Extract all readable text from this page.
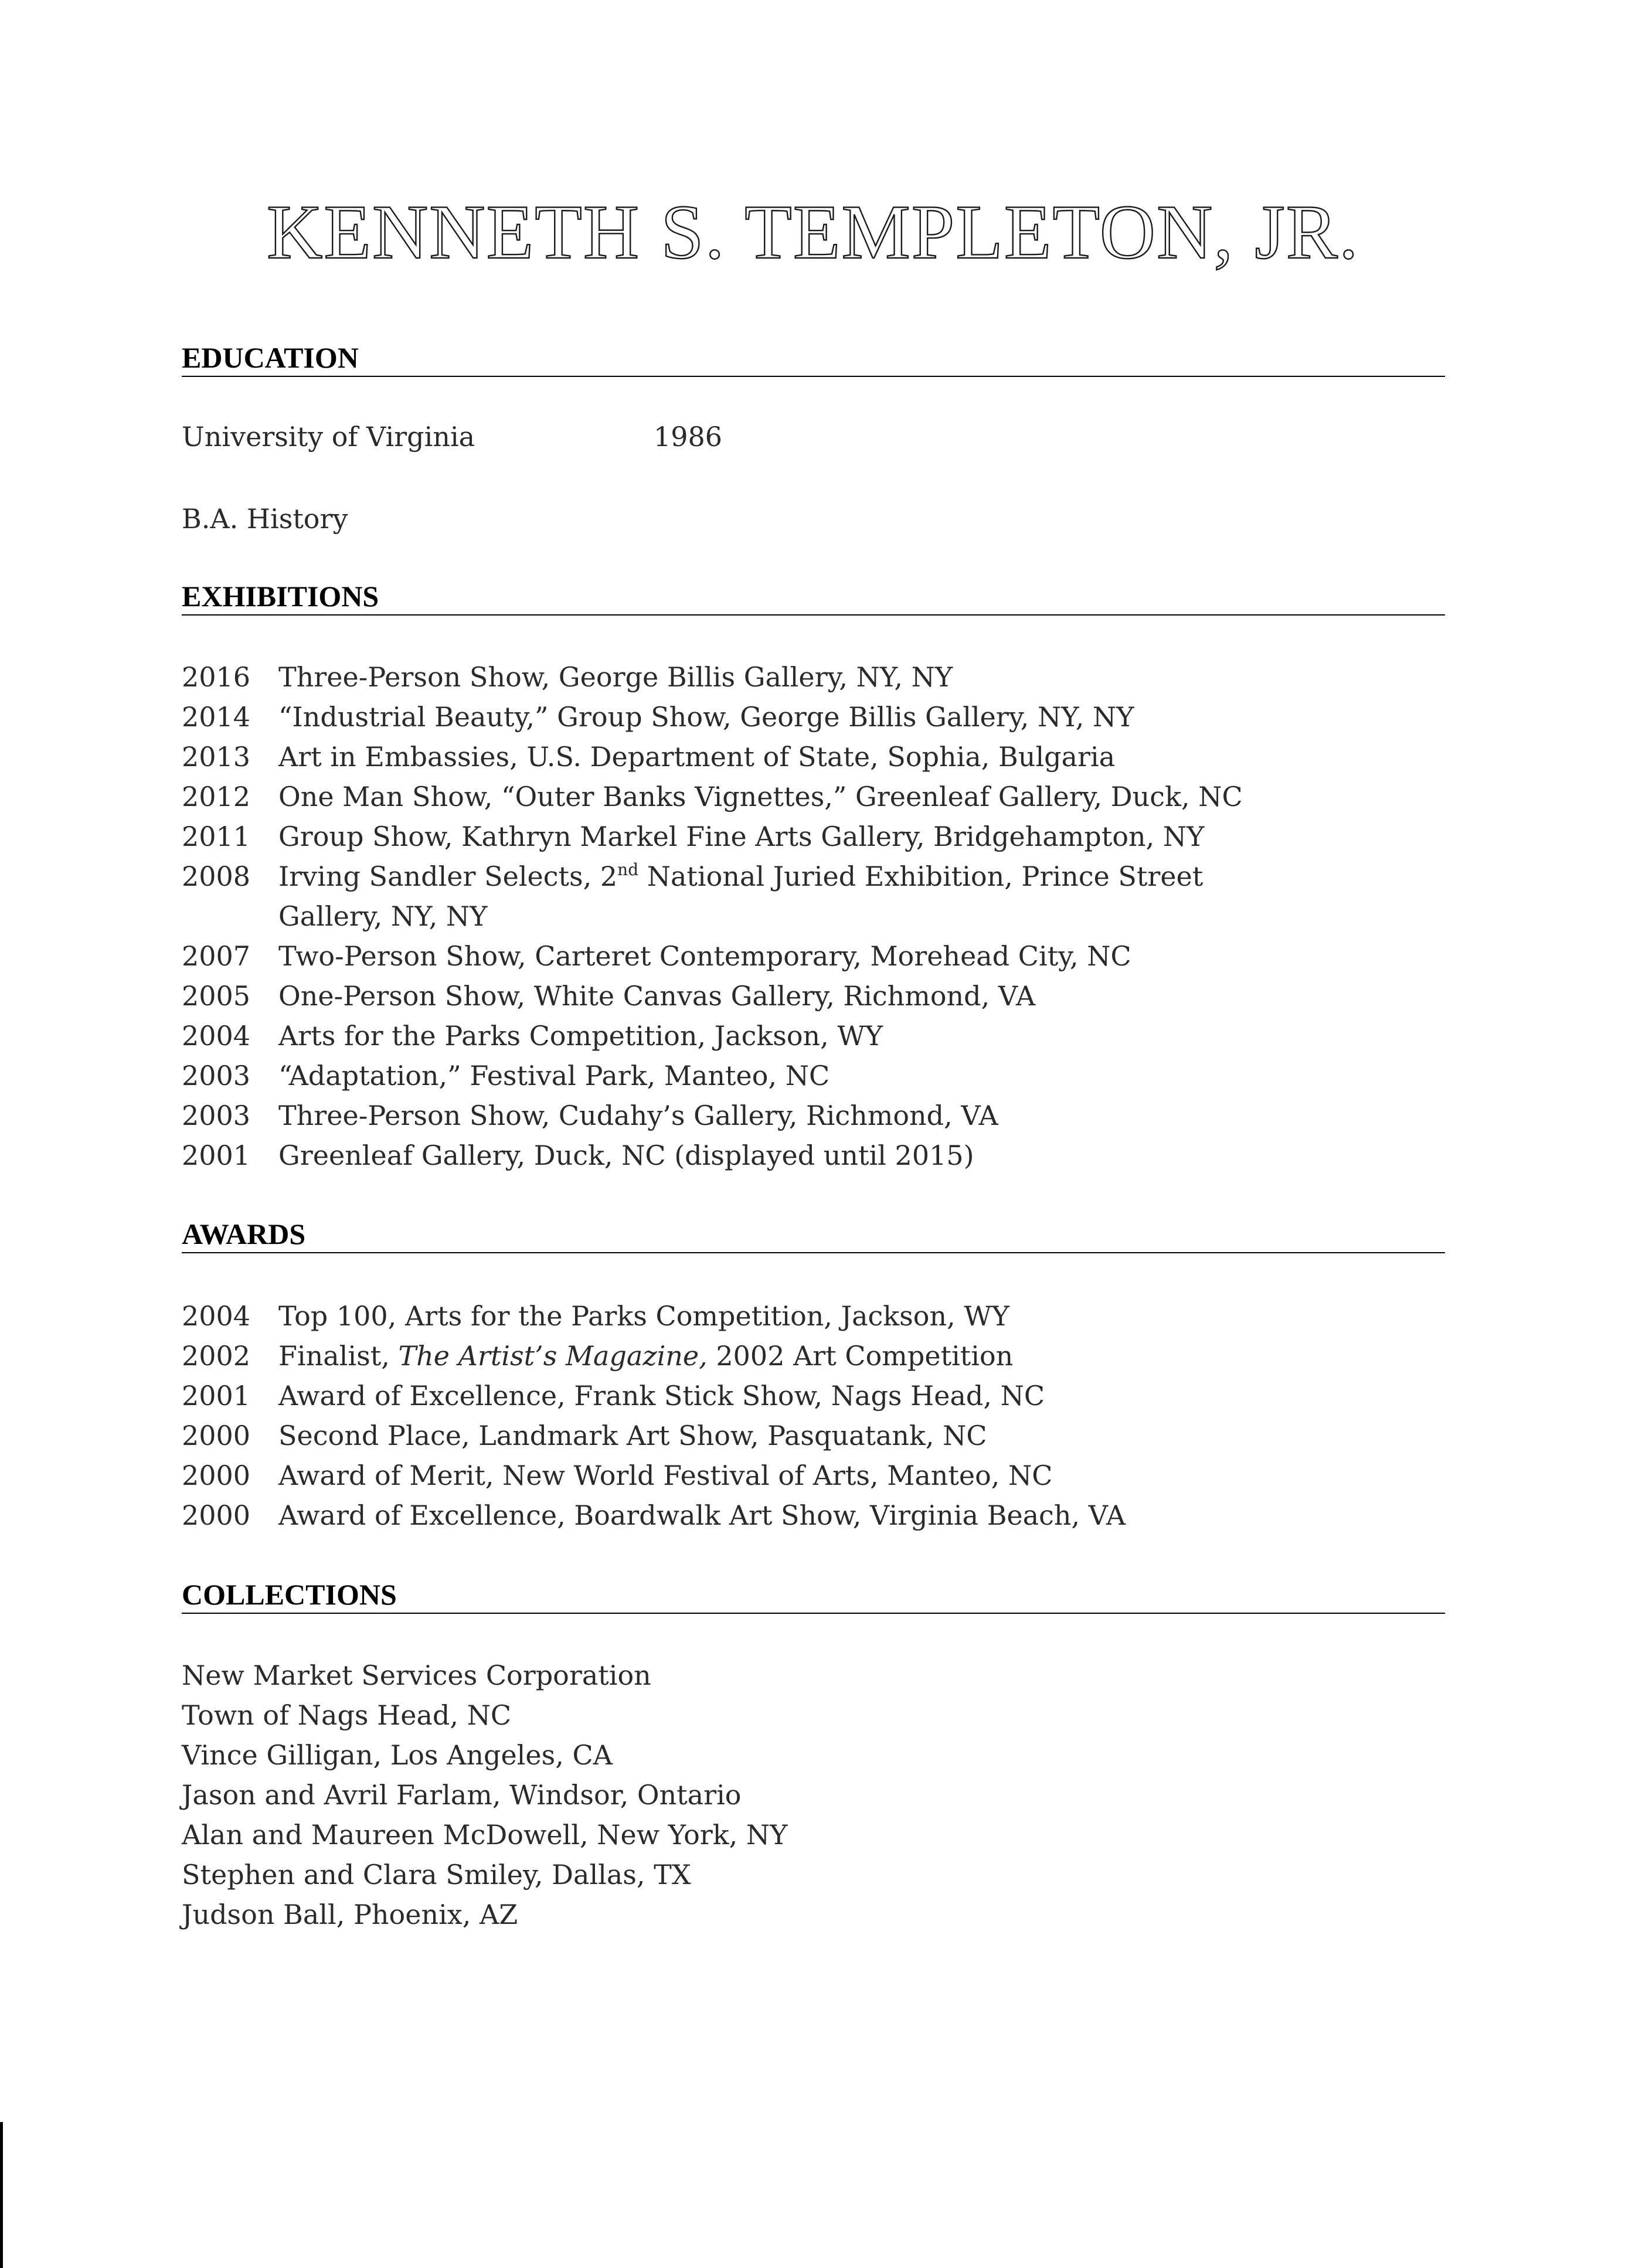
KENNETH S. TEMPLETON, JR.
EDUCATION
University of Virginia	1986
B.A. History
EXHIBITIONS
2016 Three-Person Show, George Billis Gallery, NY, NY
2014 “Industrial Beauty,” Group Show, George Billis Gallery, NY, NY
2013 Art in Embassies, U.S. Department of State, Sophia, Bulgaria
2012 One Man Show, “Outer Banks Vignettes,” Greenleaf Gallery, Duck, NC
2011 Group Show, Kathryn Markel Fine Arts Gallery, Bridgehampton, NY
2008 Irving Sandler Selects, 2nd National Juried Exhibition, Prince Street
Gallery, NY, NY
2007 Two-Person Show, Carteret Contemporary, Morehead City, NC
2005 One-Person Show, White Canvas Gallery, Richmond, VA
2004 Arts for the Parks Competition, Jackson, WY
2003 “Adaptation,” Festival Park, Manteo, NC
2003 Three-Person Show, Cudahy’s Gallery, Richmond, VA
2001 Greenleaf Gallery, Duck, NC (displayed until 2015)
AWARDS
2004 Top 100, Arts for the Parks Competition, Jackson, WY
2002 Finalist, The Artist’s Magazine, 2002 Art Competition
2001 Award of Excellence, Frank Stick Show, Nags Head, NC
2000 Second Place, Landmark Art Show, Pasquatank, NC
2000 Award of Merit, New World Festival of Arts, Manteo, NC
2000 Award of Excellence, Boardwalk Art Show, Virginia Beach, VA
COLLECTIONS
New Market Services Corporation
Town of Nags Head, NC
Vince Gilligan, Los Angeles, CA
Jason and Avril Farlam, Windsor, Ontario
Alan and Maureen McDowell, New York, NY
Stephen and Clara Smiley, Dallas, TX
Judson Ball, Phoenix, AZ
